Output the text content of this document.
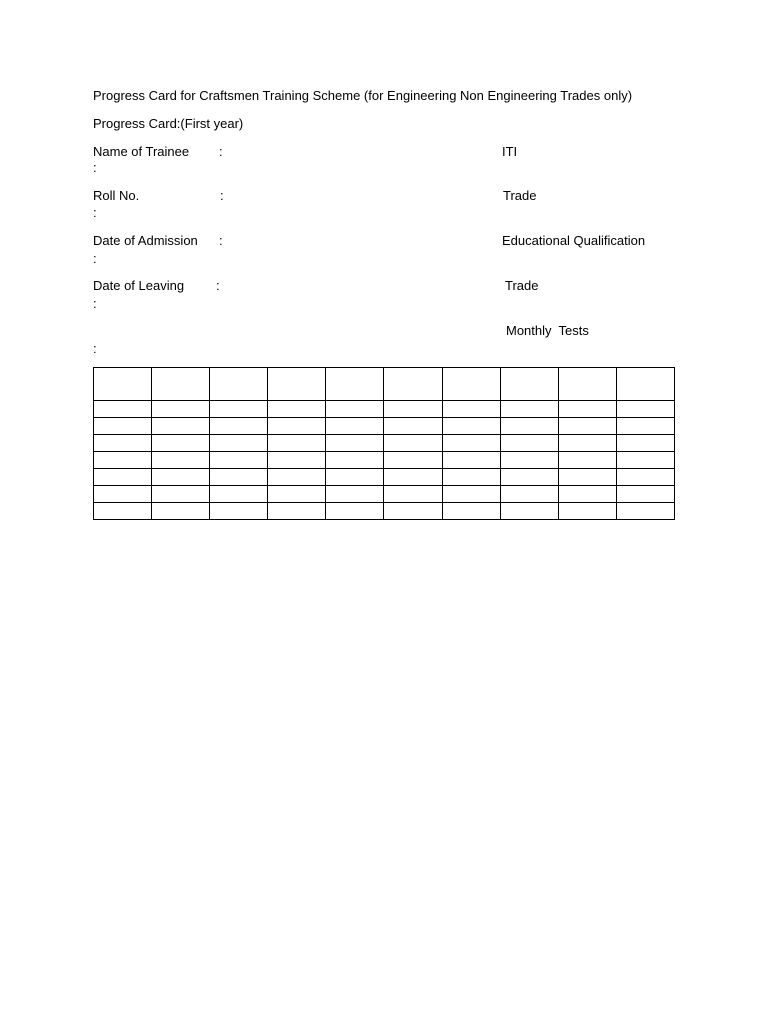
Progress Card for Craftsmen Training Scheme (for Engineering Non Engineering Trades only)
Progress Card:(First year)
Name of Trainee :	ITI
:
Roll No.	:	Trade
:
Date of Admission :	Educational Qualification
:
Date of Leaving :	Trade
:
Monthly  Tests
:
